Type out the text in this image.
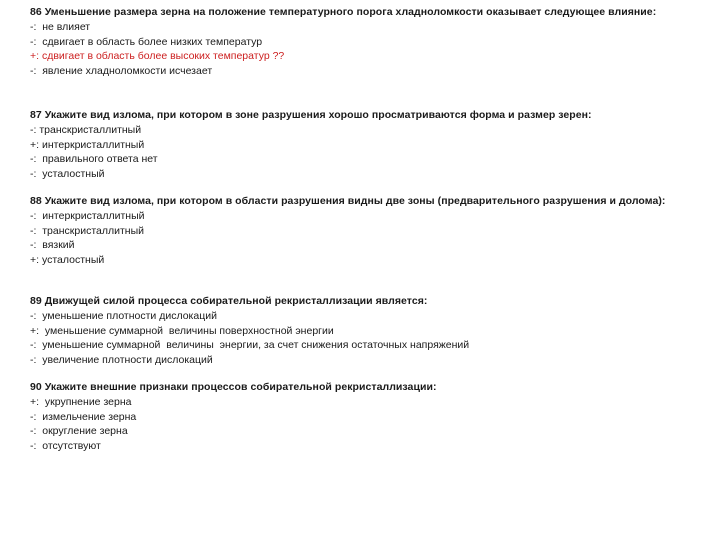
86 Уменьшение размера зерна на положение температурного порога хладноломкости оказывает следующее влияние:
-:  не влияет
-:  сдвигает в область более низких температур
+: сдвигает в область более высоких температур ??
-:  явление хладноломкости исчезает
87 Укажите вид излома, при котором в зоне разрушения хорошо просматриваются форма и размер зерен:
-: транскристаллитный
+: интеркристаллитный
-:  правильного ответа нет
-:  усталостный
88 Укажите вид излома, при котором в области разрушения видны две зоны (предварительного разрушения и долома):
-:  интеркристаллитный
-:  транскристаллитный
-:  вязкий
+: усталостный
89 Движущей силой процесса собирательной рекристаллизации является:
-:  уменьшение плотности дислокаций
+:  уменьшение суммарной  величины поверхностной энергии
-:  уменьшение суммарной  величины  энергии, за счет снижения остаточных напряжений
-:  увеличение плотности дислокаций
90 Укажите внешние признаки процессов собирательной рекристаллизации:
+:  укрупнение зерна
-:  измельчение зерна
-:  округление зерна
-:  отсутствуют
